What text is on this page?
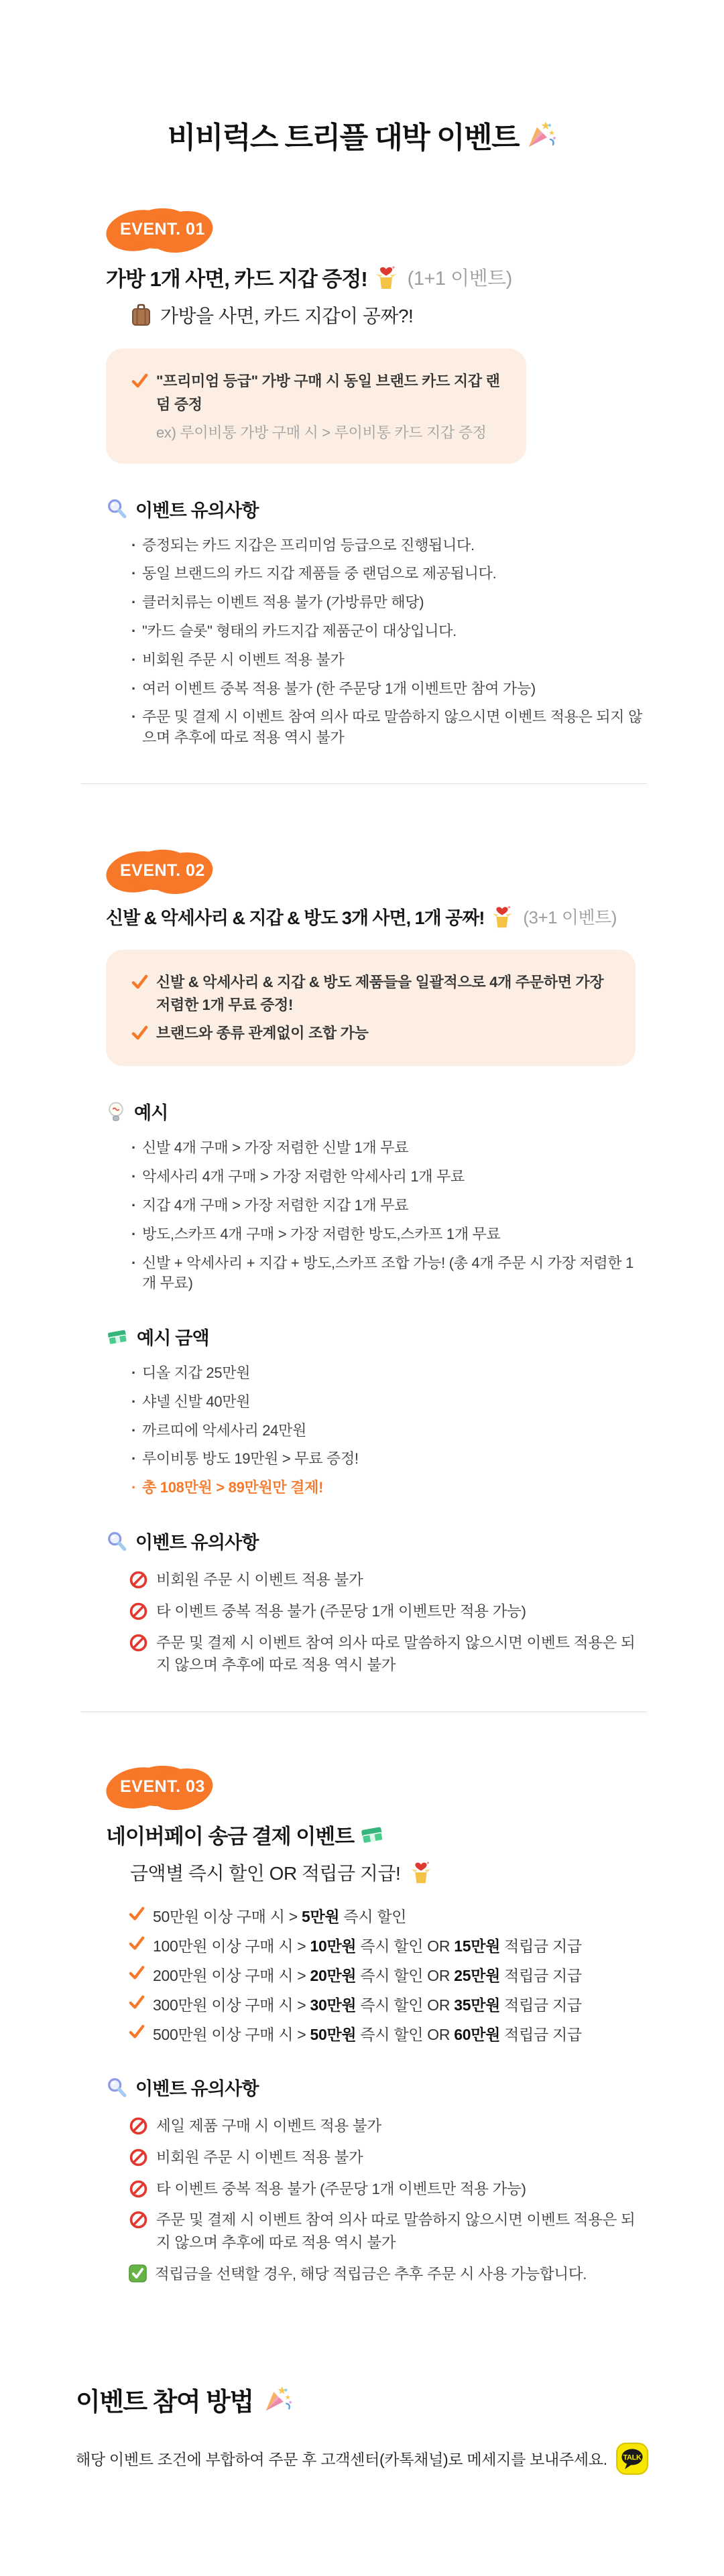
비비럭스 트리플 대박 이벤트
EVENT. 01
가방 1개 사면, 카드 지갑 증정! (1+1 이벤트)
가방을 사면, 카드 지갑이 공짜?!
"프리미엄 등급" 가방 구매 시 동일 브랜드 카드 지갑 랜덤 증정
ex) 루이비통 가방 구매 시 > 루이비통 카드 지갑 증정
이벤트 유의사항
· 증정되는 카드 지갑은 프리미엄 등급으로 진행됩니다.
· 동일 브랜드의 카드 지갑 제품들 중 랜덤으로 제공됩니다.
· 클러치류는 이벤트 적용 불가 (가방류만 해당)
· "카드 슬롯" 형태의 카드지갑 제품군이 대상입니다.
· 비회원 주문 시 이벤트 적용 불가
· 여러 이벤트 중복 적용 불가 (한 주문당 1개 이벤트만 참여 가능)
· 주문 및 결제 시 이벤트 참여 의사 따로 말씀하지 않으시면 이벤트 적용은 되지 않으며 추후에 따로 적용 역시 불가
EVENT. 02
신발 & 악세사리 & 지갑 & 방도 3개 사면, 1개 공짜! (3+1 이벤트)
신발 & 악세사리 & 지갑 & 방도 제품들을 일괄적으로 4개 주문하면 가장 저렴한 1개 무료 증정!
브랜드와 종류 관계없이 조합 가능
예시
· 신발 4개 구매 > 가장 저렴한 신발 1개 무료
· 악세사리 4개 구매 > 가장 저렴한 악세사리 1개 무료
· 지갑 4개 구매 > 가장 저렴한 지갑 1개 무료
· 방도,스카프 4개 구매 > 가장 저렴한 방도,스카프 1개 무료
· 신발 + 악세사리 + 지갑 + 방도,스카프 조합 가능! (총 4개 주문 시 가장 저렴한 1개 무료)
예시 금액
· 디올 지갑 25만원
· 샤넬 신발 40만원
· 까르띠에 악세사리 24만원
· 루이비통 방도 19만원 > 무료 증정!
· 총 108만원 > 89만원만 결제!
이벤트 유의사항
비회원 주문 시 이벤트 적용 불가
타 이벤트 중복 적용 불가 (주문당 1개 이벤트만 적용 가능)
주문 및 결제 시 이벤트 참여 의사 따로 말씀하지 않으시면 이벤트 적용은 되지 않으며 추후에 따로 적용 역시 불가
EVENT. 03
네이버페이 송금 결제 이벤트
금액별 즉시 할인 OR 적립금 지급!
50만원 이상 구매 시 > 5만원 즉시 할인
100만원 이상 구매 시 > 10만원 즉시 할인 OR 15만원 적립금 지급
200만원 이상 구매 시 > 20만원 즉시 할인 OR 25만원 적립금 지급
300만원 이상 구매 시 > 30만원 즉시 할인 OR 35만원 적립금 지급
500만원 이상 구매 시 > 50만원 즉시 할인 OR 60만원 적립금 지급
이벤트 유의사항
세일 제품 구매 시 이벤트 적용 불가
비회원 주문 시 이벤트 적용 불가
타 이벤트 중복 적용 불가 (주문당 1개 이벤트만 적용 가능)
주문 및 결제 시 이벤트 참여 의사 따로 말씀하지 않으시면 이벤트 적용은 되지 않으며 추후에 따로 적용 역시 불가
적립금을 선택할 경우, 해당 적립금은 추후 주문 시 사용 가능합니다.
이벤트 참여 방법
해당 이벤트 조건에 부합하여 주문 후 고객센터(카톡채널)로 메세지를 보내주세요. TALK
